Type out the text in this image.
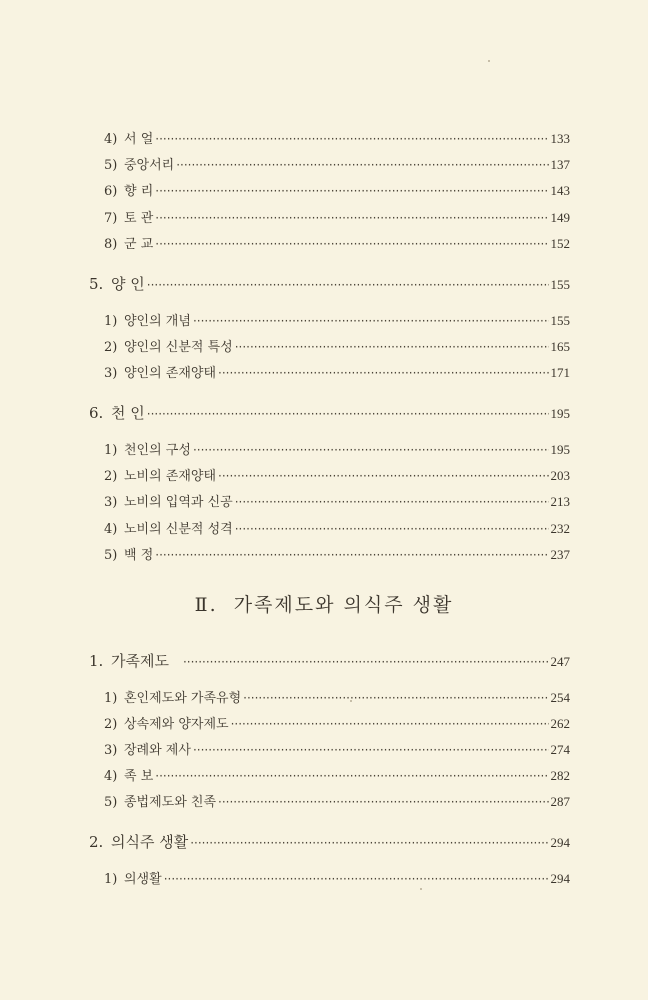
4) 서 얼 ·····	133
5) 중앙서리 ·····	137
6) 향 리 ·····	143
7) 토 관 ·····	149
8) 군 교 ·····	152
5. 양 인 ·····	155
1) 양인의 개념 ·····	155
2) 양인의 신분적 특성 ·····	165
3) 양인의 존재양태 ·····	171
6. 천 인 ·····	195
1) 천인의 구성 ·····	195
2) 노비의 존재양태 ·····	203
3) 노비의 입역과 신공 ·····	213
4) 노비의 신분적 성격 ·····	232
5) 백 정 ·····	237
Ⅱ. 가족제도와 의식주 생활
1. 가족제도 ·····	247
1) 혼인제도와 가족유형 ·····	254
2) 상속제와 양자제도 ·····	262
3) 장례와 제사 ·····	274
4) 족 보 ·····	282
5) 종법제도와 친족 ·····	287
2. 의식주 생활 ·····	294
1) 의생활 ·····	294
